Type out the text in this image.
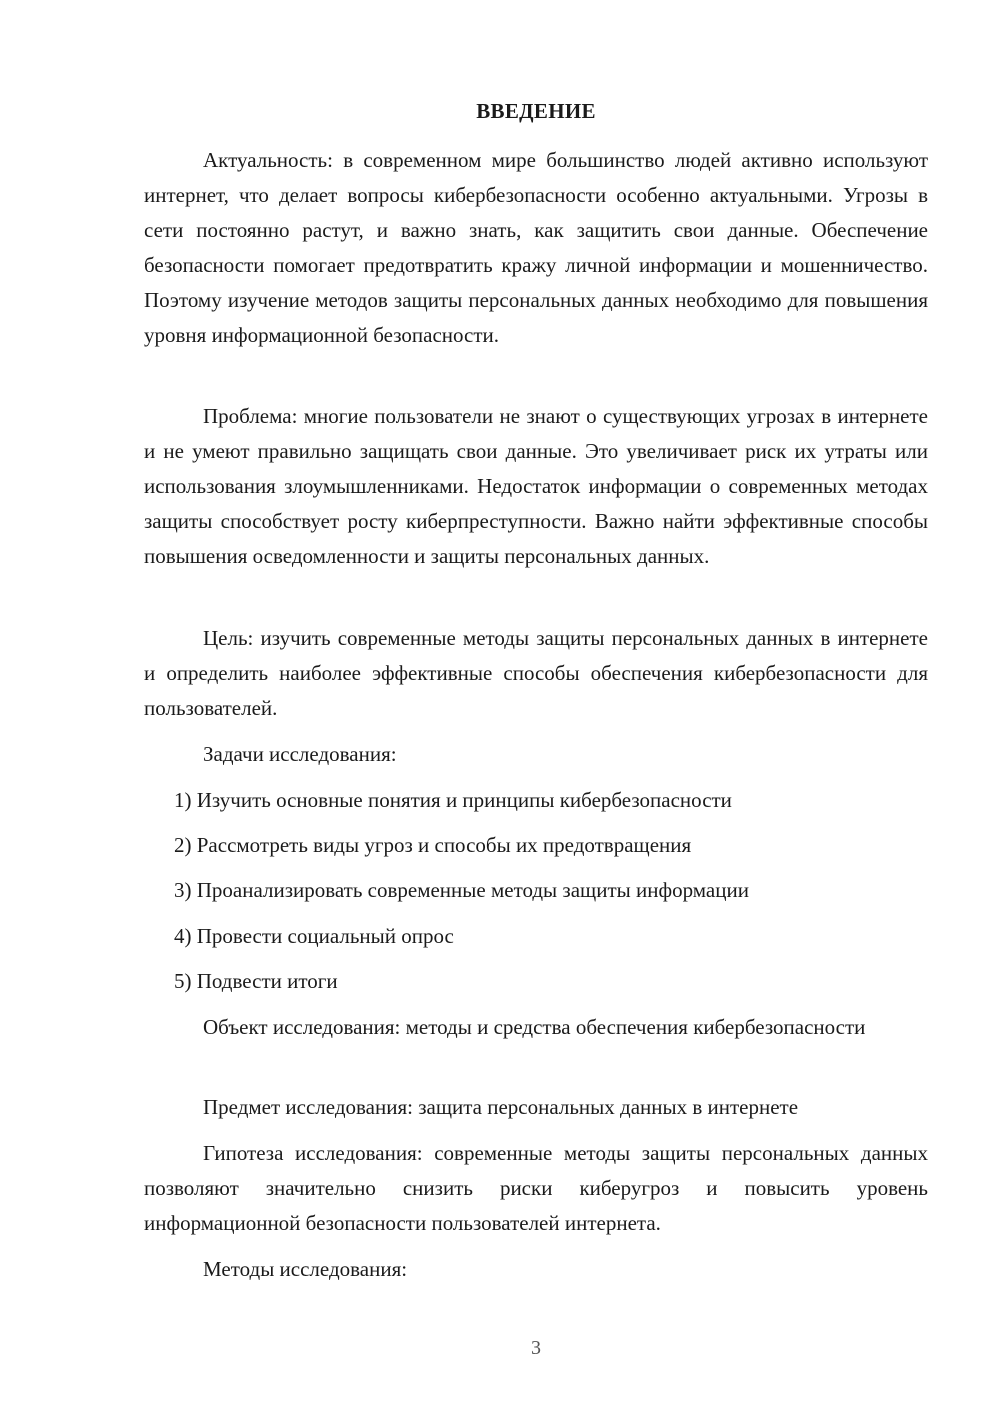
ВВЕДЕНИЕ

Актуальность: в современном мире большинство людей активно используют интернет, что делает вопросы кибербезопасности особенно актуальными. Угрозы в сети постоянно растут, и важно знать, как защитить свои данные. Обеспечение безопасности помогает предотвратить кражу личной информации и мошенничество. Поэтому изучение методов защиты персональных данных необходимо для повышения уровня информационной безопасности.

Проблема: многие пользователи не знают о существующих угрозах в интернете и не умеют правильно защищать свои данные. Это увеличивает риск их утраты или использования злоумышленниками. Недостаток информации о современных методах защиты способствует росту киберпреступности. Важно найти эффективные способы повышения осведомленности и защиты персональных данных.

Цель: изучить современные методы защиты персональных данных в интернете и определить наиболее эффективные способы обеспечения кибербезопасности для пользователей.

Задачи исследования:

1) Изучить основные понятия и принципы кибербезопасности
2) Рассмотреть виды угроз и способы их предотвращения
3) Проанализировать современные методы защиты информации
4) Провести социальный опрос
5) Подвести итоги

Объект исследования: методы и средства обеспечения кибербезопасности

Предмет исследования: защита персональных данных в интернете

Гипотеза исследования: современные методы защиты персональных данных позволяют значительно снизить риски киберугроз и повысить уровень информационной безопасности пользователей интернета.

Методы исследования:

3
